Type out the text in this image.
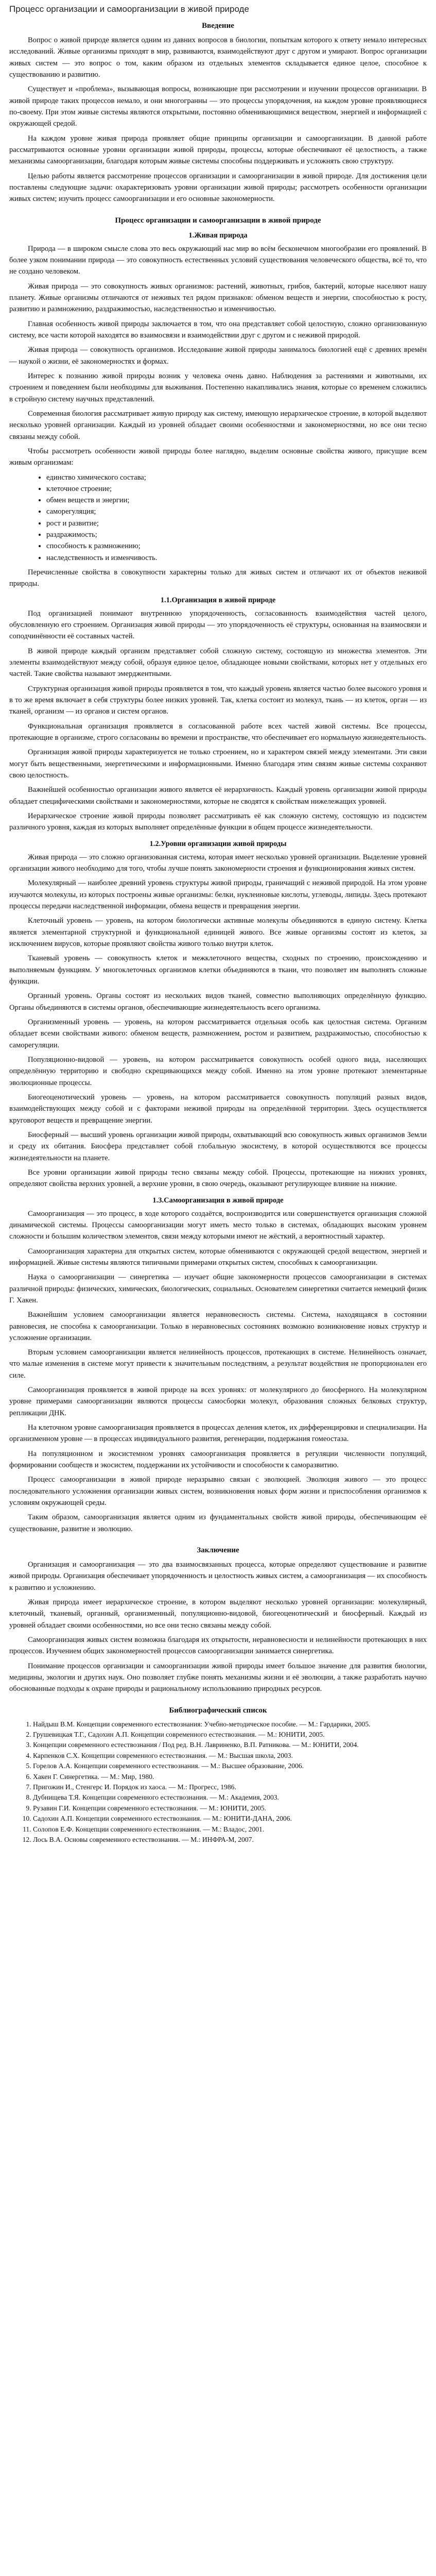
Процесс организации и самоорганизации в живой природе
Введение

Вопрос о живой природе является одним из давних вопросов в биологии, попыткам которого к ответу немало интересных исследований. Живые организмы приходят в мир, развиваются, взаимодействуют друг с другом и умирают. Вопрос организации живых систем — это вопрос о том, каким образом из отдельных элементов складывается единое целое, способное к существованию и развитию.

Существует и «проблема», вызывающая вопросы, возникающие при рассмотрении и изучении процессов организации. В живой природе таких процессов немало, и они многогранны — это процессы упорядочения, на каждом уровне проявляющиеся по-своему. При этом живые системы являются открытыми, постоянно обменивающимися веществом, энергией и информацией с окружающей средой.

На каждом уровне живая природа проявляет общие принципы организации и самоорганизации. В данной работе рассматриваются основные уровни организации живой природы, процессы, которые обеспечивают её целостность, а также механизмы самоорганизации, благодаря которым живые системы способны поддерживать и усложнять свою структуру.

Целью работы является рассмотрение процессов организации и самоорганизации в живой природе. Для достижения цели поставлены следующие задачи: охарактеризовать уровни организации живой природы; рассмотреть особенности организации живых систем; изучить процесс самоорганизации и его основные закономерности.

Процесс организации и самоорганизации в живой природе
1.Живая природа

Природа — в широком смысле слова это весь окружающий нас мир во всём бесконечном многообразии его проявлений. В более узком понимании природа — это совокупность естественных условий существования человеческого общества, всё то, что не создано человеком.

Живая природа — это совокупность живых организмов: растений, животных, грибов, бактерий, которые населяют нашу планету. Живые организмы отличаются от неживых тел рядом признаков: обменом веществ и энергии, способностью к росту, развитию и размножению, раздражимостью, наследственностью и изменчивостью.

Главная особенность живой природы заключается в том, что она представляет собой целостную, сложно организованную систему, все части которой находятся во взаимосвязи и взаимодействии друг с другом и с неживой природой.

Живая природа — совокупность организмов. Исследование живой природы занималось биологией ещё с древних времён — наукой о жизни, её закономерностях и формах.

Интерес к познанию живой природы возник у человека очень давно. Наблюдения за растениями и животными, их строением и поведением были необходимы для выживания. Постепенно накапливались знания, которые со временем сложились в стройную систему научных представлений.

Современная биология рассматривает живую природу как систему, имеющую иерархическое строение, в которой выделяют несколько уровней организации. Каждый из уровней обладает своими особенностями и закономерностями, но все они тесно связаны между собой.

Чтобы рассмотреть особенности живой природы более наглядно, выделим основные свойства живого, присущие всем живым организмам:

• единство химического состава;
• клеточное строение;
• обмен веществ и энергии;
• саморегуляция;
• рост и развитие;
• раздражимость;
• способность к размножению;
• наследственность и изменчивость.

Перечисленные свойства в совокупности характерны только для живых систем и отличают их от объектов неживой природы.

1.1.Организация в живой природе

Под организацией понимают внутреннюю упорядоченность, согласованность взаимодействия частей целого, обусловленную его строением. Организация живой природы — это упорядоченность её структуры, основанная на взаимосвязи и соподчинённости её составных частей.

В живой природе каждый организм представляет собой сложную систему, состоящую из множества элементов. Эти элементы взаимодействуют между собой, образуя единое целое, обладающее новыми свойствами, которых нет у отдельных его частей. Такие свойства называют эмерджентными.

Структурная организация живой природы проявляется в том, что каждый уровень является частью более высокого уровня и в то же время включает в себя структуры более низких уровней. Так, клетка состоит из молекул, ткань — из клеток, орган — из тканей, организм — из органов и систем органов.

Функциональная организация проявляется в согласованной работе всех частей живой системы. Все процессы, протекающие в организме, строго согласованы во времени и пространстве, что обеспечивает его нормальную жизнедеятельность.

Организация живой природы характеризуется не только строением, но и характером связей между элементами. Эти связи могут быть вещественными, энергетическими и информационными. Именно благодаря этим связям живые системы сохраняют свою целостность.

Важнейшей особенностью организации живого является её иерархичность. Каждый уровень организации живой природы обладает специфическими свойствами и закономерностями, которые не сводятся к свойствам нижележащих уровней.

Иерархическое строение живой природы позволяет рассматривать её как сложную систему, состоящую из подсистем различного уровня, каждая из которых выполняет определённые функции в общем процессе жизнедеятельности.

1.2.Уровни организации живой природы

Живая природа — это сложно организованная система, которая имеет несколько уровней организации. Выделение уровней организации живого необходимо для того, чтобы лучше понять закономерности строения и функционирования живых систем.

Молекулярный — наиболее древний уровень структуры живой природы, граничащий с неживой природой. На этом уровне изучаются молекулы, из которых построены живые организмы: белки, нуклеиновые кислоты, углеводы, липиды. Здесь протекают процессы передачи наследственной информации, обмена веществ и превращения энергии.

Клеточный уровень — уровень, на котором биологически активные молекулы объединяются в единую систему. Клетка является элементарной структурной и функциональной единицей живого. Все живые организмы состоят из клеток, за исключением вирусов, которые проявляют свойства живого только внутри клеток.

Тканевый уровень — совокупность клеток и межклеточного вещества, сходных по строению, происхождению и выполняемым функциям. У многоклеточных организмов клетки объединяются в ткани, что позволяет им выполнять сложные функции.

Органный уровень. Органы состоят из нескольких видов тканей, совместно выполняющих определённую функцию. Органы объединяются в системы органов, обеспечивающие жизнедеятельность всего организма.

Организменный уровень — уровень, на котором рассматривается отдельная особь как целостная система. Организм обладает всеми свойствами живого: обменом веществ, размножением, ростом и развитием, раздражимостью, способностью к саморегуляции.

Популяционно-видовой — уровень, на котором рассматривается совокупность особей одного вида, населяющих определённую территорию и свободно скрещивающихся между собой. Именно на этом уровне протекают элементарные эволюционные процессы.

Биогеоценотический уровень — уровень, на котором рассматривается совокупность популяций разных видов, взаимодействующих между собой и с факторами неживой природы на определённой территории. Здесь осуществляется круговорот веществ и превращение энергии.

Биосферный — высший уровень организации живой природы, охватывающий всю совокупность живых организмов Земли и среду их обитания. Биосфера представляет собой глобальную экосистему, в которой осуществляются все процессы жизнедеятельности на планете.

Все уровни организации живой природы тесно связаны между собой. Процессы, протекающие на нижних уровнях, определяют свойства верхних уровней, а верхние уровни, в свою очередь, оказывают регулирующее влияние на нижние.

1.3.Самоорганизация в живой природе

Самоорганизация — это процесс, в ходе которого создаётся, воспроизводится или совершенствуется организация сложной динамической системы. Процессы самоорганизации могут иметь место только в системах, обладающих высоким уровнем сложности и большим количеством элементов, связи между которыми имеют не жёсткий, а вероятностный характер.

Самоорганизация характерна для открытых систем, которые обмениваются с окружающей средой веществом, энергией и информацией. Живые системы являются типичными примерами открытых систем, способных к самоорганизации.

Наука о самоорганизации — синергетика — изучает общие закономерности процессов самоорганизации в системах различной природы: физических, химических, биологических, социальных. Основателем синергетики считается немецкий физик Г. Хакен.

Важнейшим условием самоорганизации является неравновесность системы. Система, находящаяся в состоянии равновесия, не способна к самоорганизации. Только в неравновесных состояниях возможно возникновение новых структур и усложнение организации.

Вторым условием самоорганизации является нелинейность процессов, протекающих в системе. Нелинейность означает, что малые изменения в системе могут привести к значительным последствиям, а результат воздействия не пропорционален его силе.

Самоорганизация проявляется в живой природе на всех уровнях: от молекулярного до биосферного. На молекулярном уровне примерами самоорганизации являются процессы самосборки молекул, образования сложных белковых структур, репликации ДНК.

На клеточном уровне самоорганизация проявляется в процессах деления клеток, их дифференцировки и специализации. На организменном уровне — в процессах индивидуального развития, регенерации, поддержания гомеостаза.

На популяционном и экосистемном уровнях самоорганизация проявляется в регуляции численности популяций, формировании сообществ и экосистем, поддержании их устойчивости и способности к саморазвитию.

Процесс самоорганизации в живой природе неразрывно связан с эволюцией. Эволюция живого — это процесс последовательного усложнения организации живых систем, возникновения новых форм жизни и приспособления организмов к условиям окружающей среды.

Таким образом, самоорганизация является одним из фундаментальных свойств живой природы, обеспечивающим её существование, развитие и эволюцию.

Заключение

Организация и самоорганизация — это два взаимосвязанных процесса, которые определяют существование и развитие живой природы. Организация обеспечивает упорядоченность и целостность живых систем, а самоорганизация — их способность к развитию и усложнению.

Живая природа имеет иерархическое строение, в котором выделяют несколько уровней организации: молекулярный, клеточный, тканевый, органный, организменный, популяционно-видовой, биогеоценотический и биосферный. Каждый из уровней обладает своими особенностями, но все они тесно связаны между собой.

Самоорганизация живых систем возможна благодаря их открытости, неравновесности и нелинейности протекающих в них процессов. Изучением общих закономерностей процессов самоорганизации занимается синергетика.

Понимание процессов организации и самоорганизации живой природы имеет большое значение для развития биологии, медицины, экологии и других наук. Оно позволяет глубже понять механизмы жизни и её эволюции, а также разработать научно обоснованные подходы к охране природы и рациональному использованию природных ресурсов.

Библиографический список
1. Найдыш В.М. Концепции современного естествознания: Учебно-методическое пособие. — М.: Гардарики, 2005.
2. Грушевицкая Т.Г., Садохин А.П. Концепции современного естествознания. — М.: ЮНИТИ, 2005.
3. Концепции современного естествознания / Под ред. В.Н. Лавриненко, В.П. Ратникова. — М.: ЮНИТИ, 2004.
4. Карпенков С.Х. Концепции современного естествознания. — М.: Высшая школа, 2003.
5. Горелов А.А. Концепции современного естествознания. — М.: Высшее образование, 2006.
6. Хакен Г. Синергетика. — М.: Мир, 1980.
7. Пригожин И., Стенгерс И. Порядок из хаоса. — М.: Прогресс, 1986.
8. Дубнищева Т.Я. Концепции современного естествознания. — М.: Академия, 2003.
9. Рузавин Г.И. Концепции современного естествознания. — М.: ЮНИТИ, 2005.
10. Садохин А.П. Концепции современного естествознания. — М.: ЮНИТИ-ДАНА, 2006.
11. Солопов Е.Ф. Концепции современного естествознания. — М.: Владос, 2001.
12. Лось В.А. Основы современного естествознания. — М.: ИНФРА-М, 2007.
